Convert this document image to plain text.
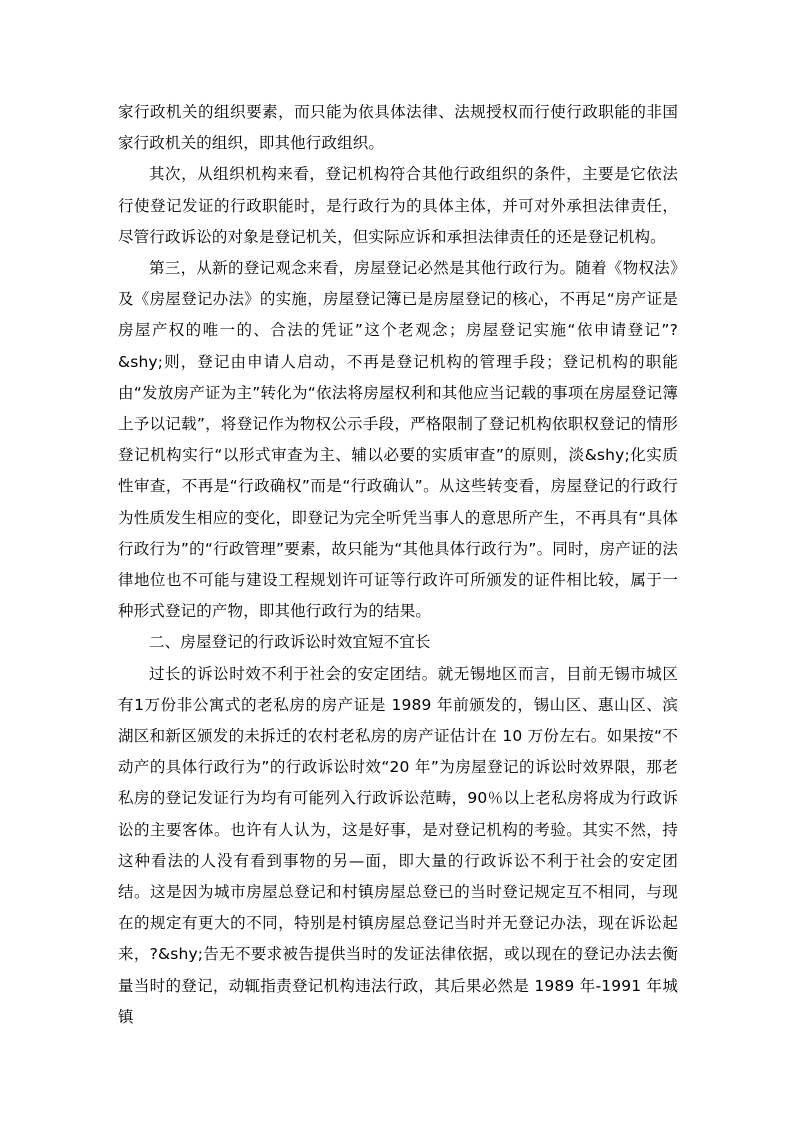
家行政机关的组织要素，而只能为依具体法律、法规授权而行使行政职能的非国家行政机关的组织，即其他行政组织。

其次，从组织机构来看，登记机构符合其他行政组织的条件，主要是它依法行使登记发证的行政职能时，是行政行为的具体主体，并可对外承担法律责任，尽管行政诉讼的对象是登记机关，但实际应诉和承担法律责任的还是登记机构。

第三，从新的登记观念来看，房屋登记必然是其他行政行为。随着《物权法》及《房屋登记办法》的实施，房屋登记簿已是房屋登记的核心，不再足“房产证是房屋产权的唯一的、合法的凭证”这个老观念；房屋登记实施“依申请登记”?&shy;则，登记由申请人启动，不再是登记机构的管理手段；登记机构的职能由“发放房产证为主”转化为“依法将房屋权利和其他应当记载的事项在房屋登记簿上予以记载”，将登记作为物权公示手段，严格限制了登记机构依职权登记的情形 登记机构实行“以形式审查为主、辅以必要的实质审查”的原则，淡&shy;化实质性审查，不再是“行政确权”而是“行政确认”。从这些转变看，房屋登记的行政行为性质发生相应的变化，即登记为完全听凭当事人的意思所产生，不再具有“具体行政行为”的“行政管理”要素，故只能为“其他具体行政行为”。同时，房产证的法律地位也不可能与建设工程规划许可证等行政许可所颁发的证件相比较，属于一种形式登记的产物，即其他行政行为的结果。

二、房屋登记的行政诉讼时效宜短不宜长

过长的诉讼时效不利于社会的安定团结。就无锡地区而言，目前无锡市城区有1万份非公寓式的老私房的房产证是 1989 年前颁发的，锡山区、惠山区、滨湖区和新区颁发的未拆迁的农村老私房的房产证估计在 10 万份左右。如果按“不动产的具体行政行为”的行政诉讼时效“20 年”为房屋登记的诉讼时效界限，那老私房的登记发证行为均有可能列入行政诉讼范畴，90％以上老私房将成为行政诉讼的主要客体。也许有人认为，这是好事，是对登记机构的考验。其实不然，持这种看法的人没有看到事物的另—面，即大量的行政诉讼不利于社会的安定团结。这是因为城市房屋总登记和村镇房屋总登已的当时登记规定互不相同，与现在的规定有更大的不同，特别是村镇房屋总登记当时并无登记办法，现在诉讼起来，?&shy;告无不要求被告提供当时的发证法律依据，或以现在的登记办法去衡量当时的登记，动辄指责登记机构违法行政，其后果必然是 1989 年-1991 年城镇
